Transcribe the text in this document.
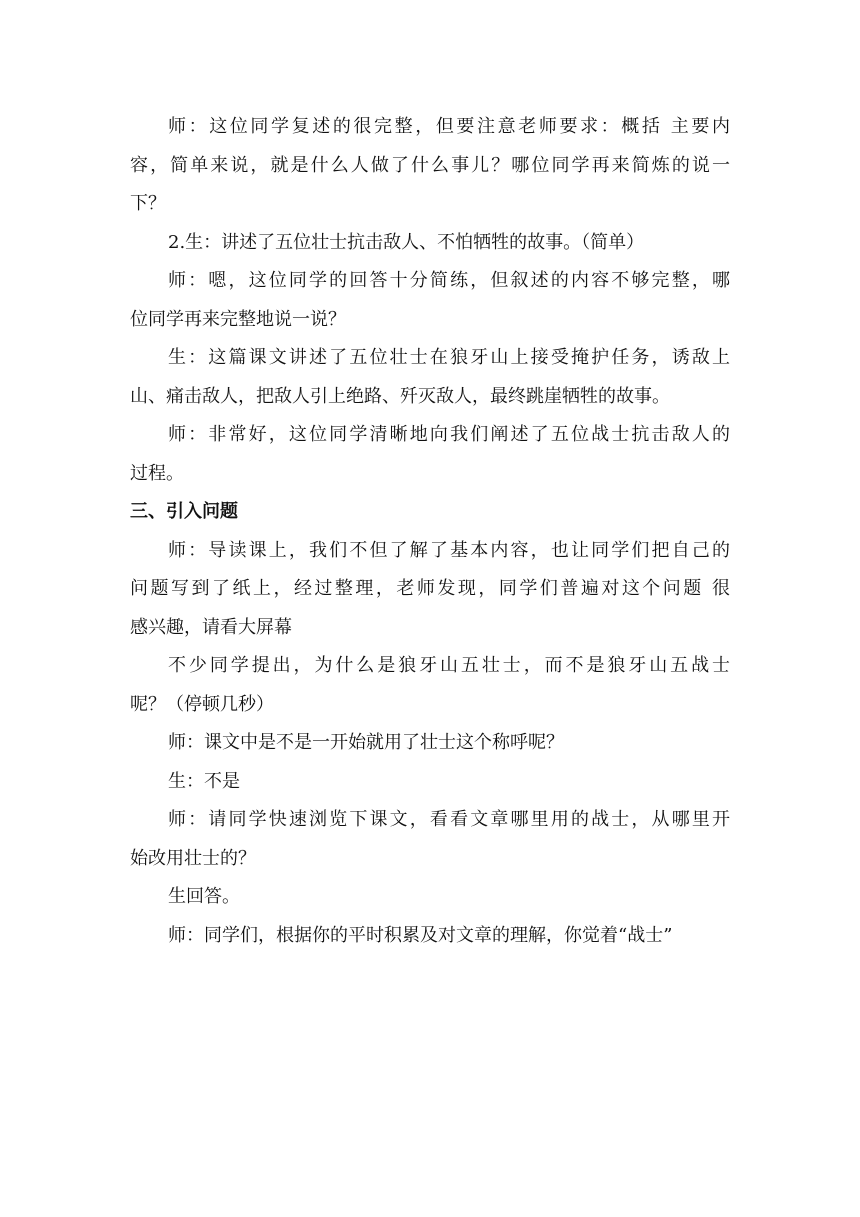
师：这位同学复述的很完整，但要注意老师要求：概括 主要内
容，简单来说，就是什么人做了什么事儿？哪位同学再来简炼的说一
下？
2.生：讲述了五位壮士抗击敌人、不怕牺牲的故事。（简单）
师：嗯，这位同学的回答十分简练，但叙述的内容不够完整，哪
位同学再来完整地说一说？
生：这篇课文讲述了五位壮士在狼牙山上接受掩护任务，诱敌上
山、痛击敌人，把敌人引上绝路、歼灭敌人，最终跳崖牺牲的故事。
师：非常好，这位同学清晰地向我们阐述了五位战士抗击敌人的
过程。
三、引入问题
师：导读课上，我们不但了解了基本内容，也让同学们把自己的
问题写到了纸上，经过整理，老师发现，同学们普遍对这个问题 很
感兴趣，请看大屏幕
不少同学提出，为什么是狼牙山五壮士，而不是狼牙山五战士
呢？（停顿几秒）
师：课文中是不是一开始就用了壮士这个称呼呢？
生：不是
师：请同学快速浏览下课文，看看文章哪里用的战士，从哪里开
始改用壮士的？
生回答。
师：同学们，根据你的平时积累及对文章的理解，你觉着“战士”
